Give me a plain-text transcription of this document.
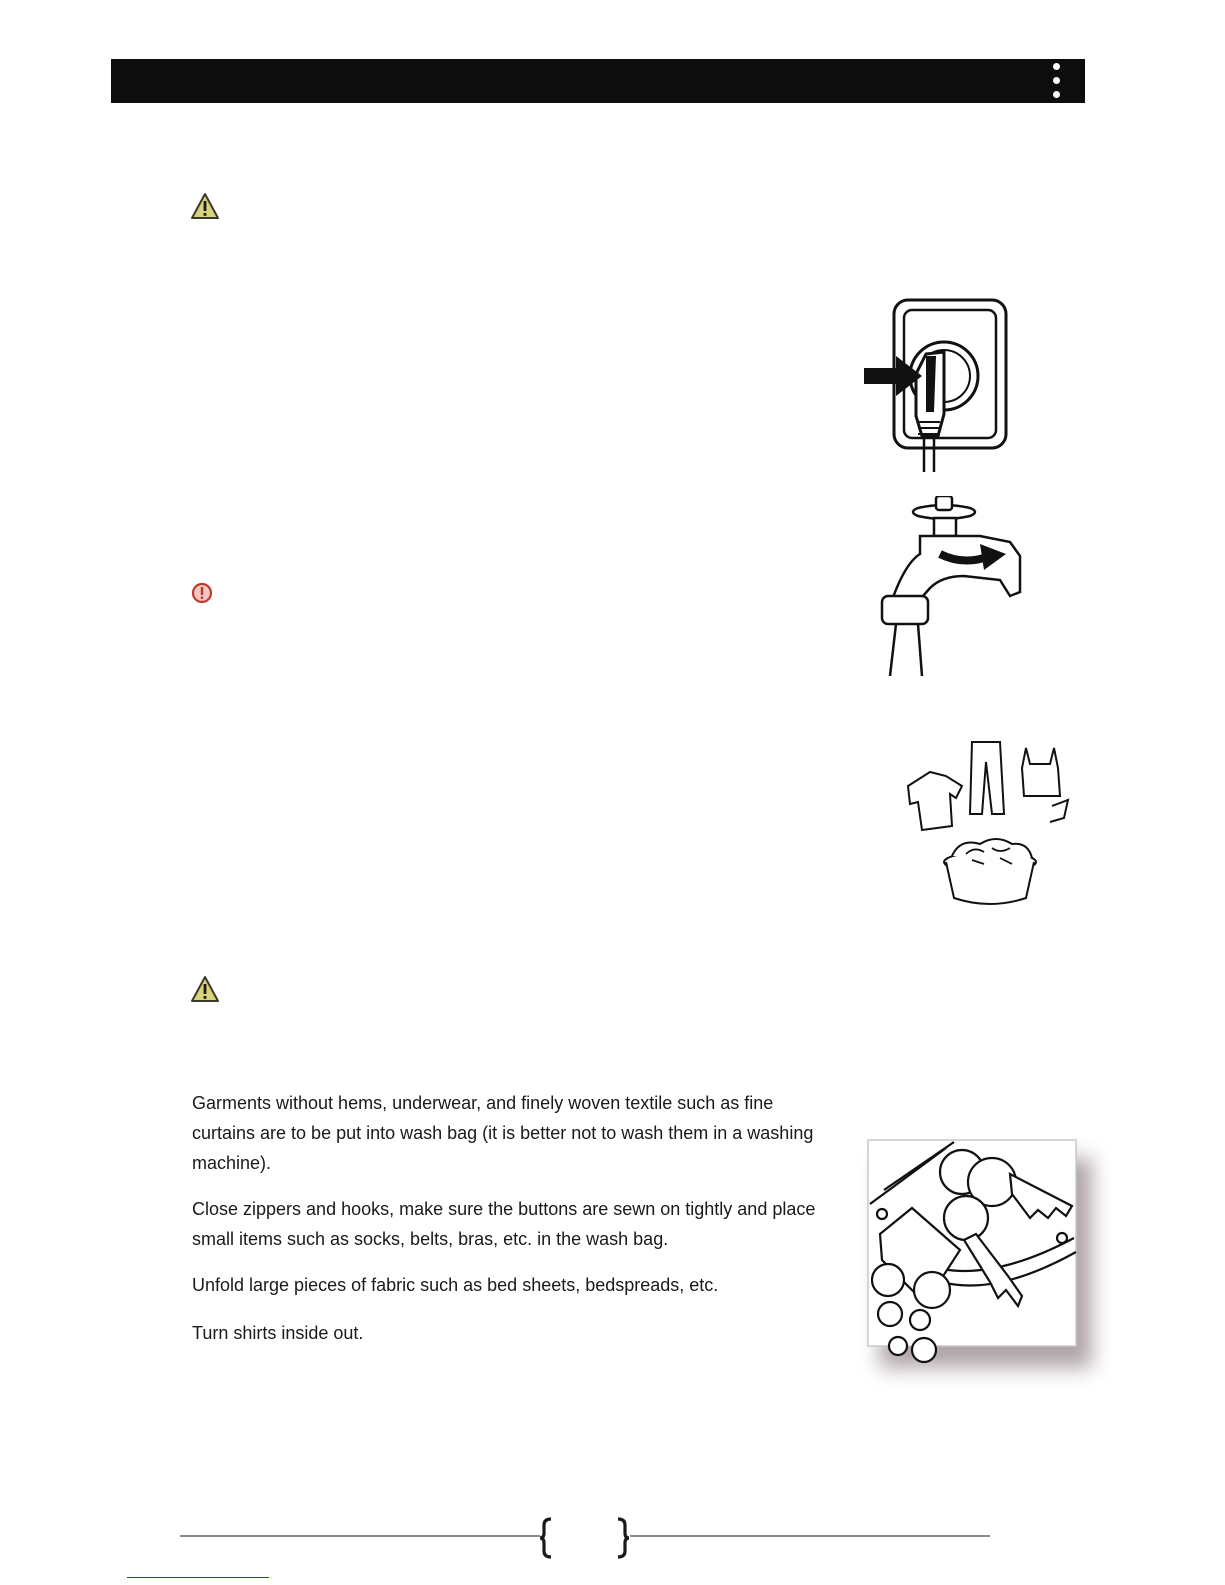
Garments without hems, underwear, and finely woven textile such as fine curtains are to be put into wash bag (it is better not to wash them in a washing machine).

Close zippers and hooks, make sure the buttons are sewn on tightly and place small items such as socks, belts, bras, etc. in the wash bag.

Unfold large pieces of fabric such as bed sheets, bedspreads, etc.

Turn shirts inside out.
